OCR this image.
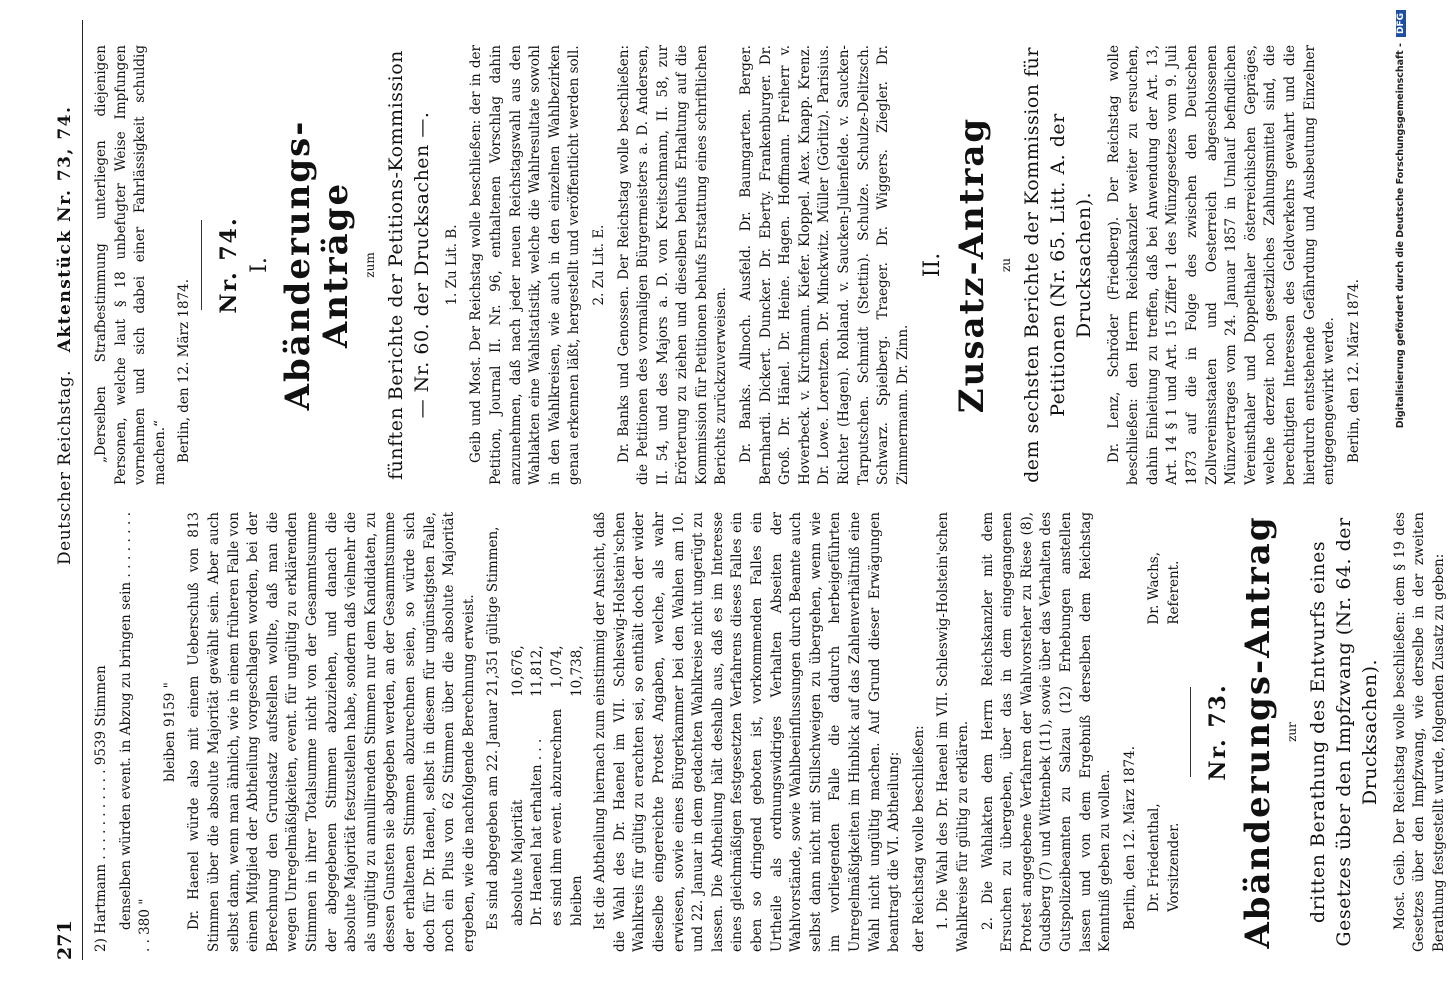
271
Deutscher Reichstag.   Aktenstück Nr. 73, 74.

2) Hartmann . . . . . . . . . . . 9539 Stimmen denselben würden event. in Abzug zu bringen sein . . . . . . . . . . 380 "

bleiben 9159 " Dr. Haenel würde also mit einem Ueberschuß von 813 Stimmen über die absolute Majorität gewählt sein. Aber auch selbst dann, wenn man ähnlich, wie in einem früheren Falle von einem Mitglied der Abtheilung vorgeschlagen worden, bei der Berechnung den Grundsatz aufstellen wollte, daß man die wegen Unregelmäßigkeiten, event. für ungültig zu erklärenden Stimmen in ihrer Totalsumme nicht von der Gesammtsumme der abgegebenen Stimmen abzuziehen, und danach die absolute Majorität festzustellen habe, sondern daß vielmehr die als ungültig zu annullirenden Stimmen nur dem Kandidaten, zu dessen Gunsten sie abgegeben werden, an der Gesammtsumme der erhaltenen Stimmen abzurechnen seien, so würde sich doch für Dr. Haenel, selbst in diesem für ungünstigsten Falle, noch ein Plus von 62 Stimmen über die absolute Majorität ergeben, wie die nachfolgende Berechnung erweist. Es sind abgegeben am 22. Januar 21,351 gültige Stimmen, absolute Majorität	10,676,
Dr. Haenel hat erhalten . . .	11,812,
es sind ihm event. abzurechnen	1,074,
bleiben	10,738, Ist die Abtheilung hiernach zum einstimmig der Ansicht, daß die Wahl des Dr. Haenel im VII. Schleswig-Holstein'schen Wahlkreis für gültig zu erachten sei, so enthält doch der wider dieselbe eingereichte Protest Angaben, welche, als wahr erwiesen, sowie eines Bürgerkammer bei den Wahlen am 10. und 22. Januar in dem gedachten Wahlkreise nicht ungerügt zu lassen. Die Abtheilung hält deshalb aus, daß es im Interesse eines gleichmäßigen festgesetzten Verfahrens dieses Falles ein eben so dringend geboten ist, vorkommenden Falles ein Urtheile als ordnungswidriges Verhalten Abseiten der Wahlvorstände, sowie Wahlbeeinflussungen durch Beamte auch selbst dann nicht mit Stillschweigen zu übergehen, wenn wie im vorliegenden Falle die dadurch herbeigeführten Unregelmäßigkeiten im Hinblick auf das Zahlenverhältniß eine Wahl nicht ungültig machen. Auf Grund dieser Erwägungen beantragt die VI. Abtheilung: der Reichstag wolle beschließen: 1. Die Wahl des Dr. Haenel im VII. Schleswig-Holstein'schen Wahlkreise für gültig zu erklären. 2. Die Wahlakten dem Herrn Reichskanzler mit dem Ersuchen zu übergeben, über das in dem eingegangenen Protest angegebene Verfahren der Wahlvorsteher zu Riese (8), Gudsberg (7) und Wittenbek (11), sowie über das Verhalten des Gutspolizeibeamten zu Salzau (12) Erhebungen anstellen lassen und von dem Ergebniß derselben dem Reichstag Kenntniß geben zu wollen. Berlin, den 12. März 1874. Dr. Friedenthal, Vorsitzender.
Dr. Wachs, Referent.

Nr. 73. Abänderungs-Antrag zur dritten Berathung des Entwurfs eines Gesetzes über den Impfzwang (Nr. 64. der Drucksachen). Most. Geib. Der Reichstag wolle beschließen: dem § 19 des Gesetzes über den Impfzwang, wie derselbe in der zweiten Berathung festgestellt wurde, folgenden Zusatz zu geben:

„Derselben Strafbestimmung unterliegen diejenigen Personen, welche laut § 18 unbefugter Weise Impfungen vornehmen und sich dabei einer Fahrlässigkeit schuldig machen.“ Berlin, den 12. März 1874.

Nr. 74. I. Abänderungs-Anträge zum fünften Berichte der Petitions-Kommission — Nr. 60. der Drucksachen —. 1. Zu Lit. B. Geib und Most. Der Reichstag wolle beschließen: der in der Petition, Journal II. Nr. 96, enthaltenen Vorschlag dahin anzunehmen, daß nach jeder neuen Reichstagswahl aus den Wahlakten eine Wahlstatistik, welche die Wahlresultate sowohl in den Wahlkreisen, wie auch in den einzelnen Wahlbezirken genau erkennen läßt, hergestellt und veröffentlicht werden soll. 2. Zu Lit. E. Dr. Banks und Genossen. Der Reichstag wolle beschließen: die Petitionen des vormaligen Bürgermeisters a. D. Andersen, II. 54, und des Majors a. D. von Kreitschmann, II. 58, zur Erörterung zu ziehen und dieselben behufs Erhaltung auf die Kommission für Petitionen behufs Erstattung eines schriftlichen Berichts zurückzuverweisen. Dr. Banks. Allnoch. Ausfeld. Dr. Baumgarten. Berger. Bernhardi. Dickert. Duncker. Dr. Eberty. Frankenburger. Dr. Groß. Dr. Hänel. Dr. Heine. Hagen. Hoffmann. Freiherr v. Hoverbeck. v. Kirchmann. Kiefer. Kloppel. Alex. Knapp. Krenz. Dr. Lowe. Lorentzen. Dr. Minckwitz. Müller (Görlitz). Parisius. Richter (Hagen). Rohland. v. Saucken-Julienfelde. v. Saucken-Tarputschen. Schmidt (Stettin). Schulze. Schulze-Delitzsch. Schwarz. Spielberg. Traeger. Dr. Wiggers. Ziegler. Dr. Zimmermann. Dr. Zinn.

II. Zusatz-Antrag zu dem sechsten Berichte der Kommission für Petitionen (Nr. 65. Litt. A. der Drucksachen). Dr. Lenz, Schröder (Friedberg). Der Reichstag wolle beschließen: den Herrn Reichskanzler weiter zu ersuchen, dahin Einleitung zu treffen, daß bei Anwendung der Art. 13, Art. 14 § 1 und Art. 15 Ziffer 1 des Münzgesetzes vom 9. Juli 1873 auf die in Folge des zwischen den Deutschen Zollvereinsstaaten und Oesterreich abgeschlossenen Münzvertrages vom 24. Januar 1857 in Umlauf befindlichen Vereinsthaler und Doppelthaler österreichischen Gepräges, welche derzeit noch gesetzliches Zahlungsmittel sind, die berechtigten Interessen des Geldverkehrs gewahrt und die hierdurch entstehende Gefährdung und Ausbeutung Einzelner entgegengewirkt werde. Berlin, den 12. März 1874.	Digitalisierung gefördert durch die Deutsche Forschungsgemeinschaft -DFG
